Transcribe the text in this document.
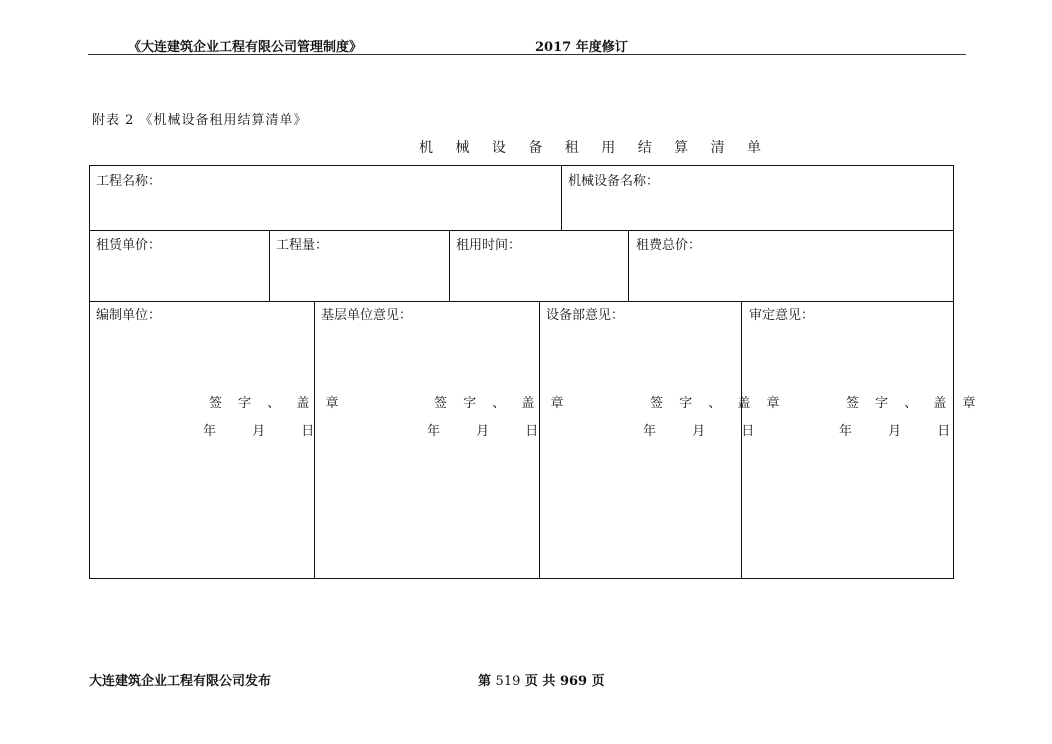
《大连建筑企业工程有限公司管理制度》	2017 年度修订
附表 2 《机械设备租用结算清单》
机 械 设 备 租 用 结 算 清 单
工程名称：	机械设备名称：
租赁单价：	工程量：	租用时间：	租费总价：
编制单位：	基层单位意见：	设备部意见：	审定意见：
签 字 、 盖 章	签 字 、 盖 章	签 字 、 盖 章	签 字 、 盖 章
年 月 日	年 月 日	年 月 日	年 月 日
大连建筑企业工程有限公司发布	第 519 页 共 969 页
